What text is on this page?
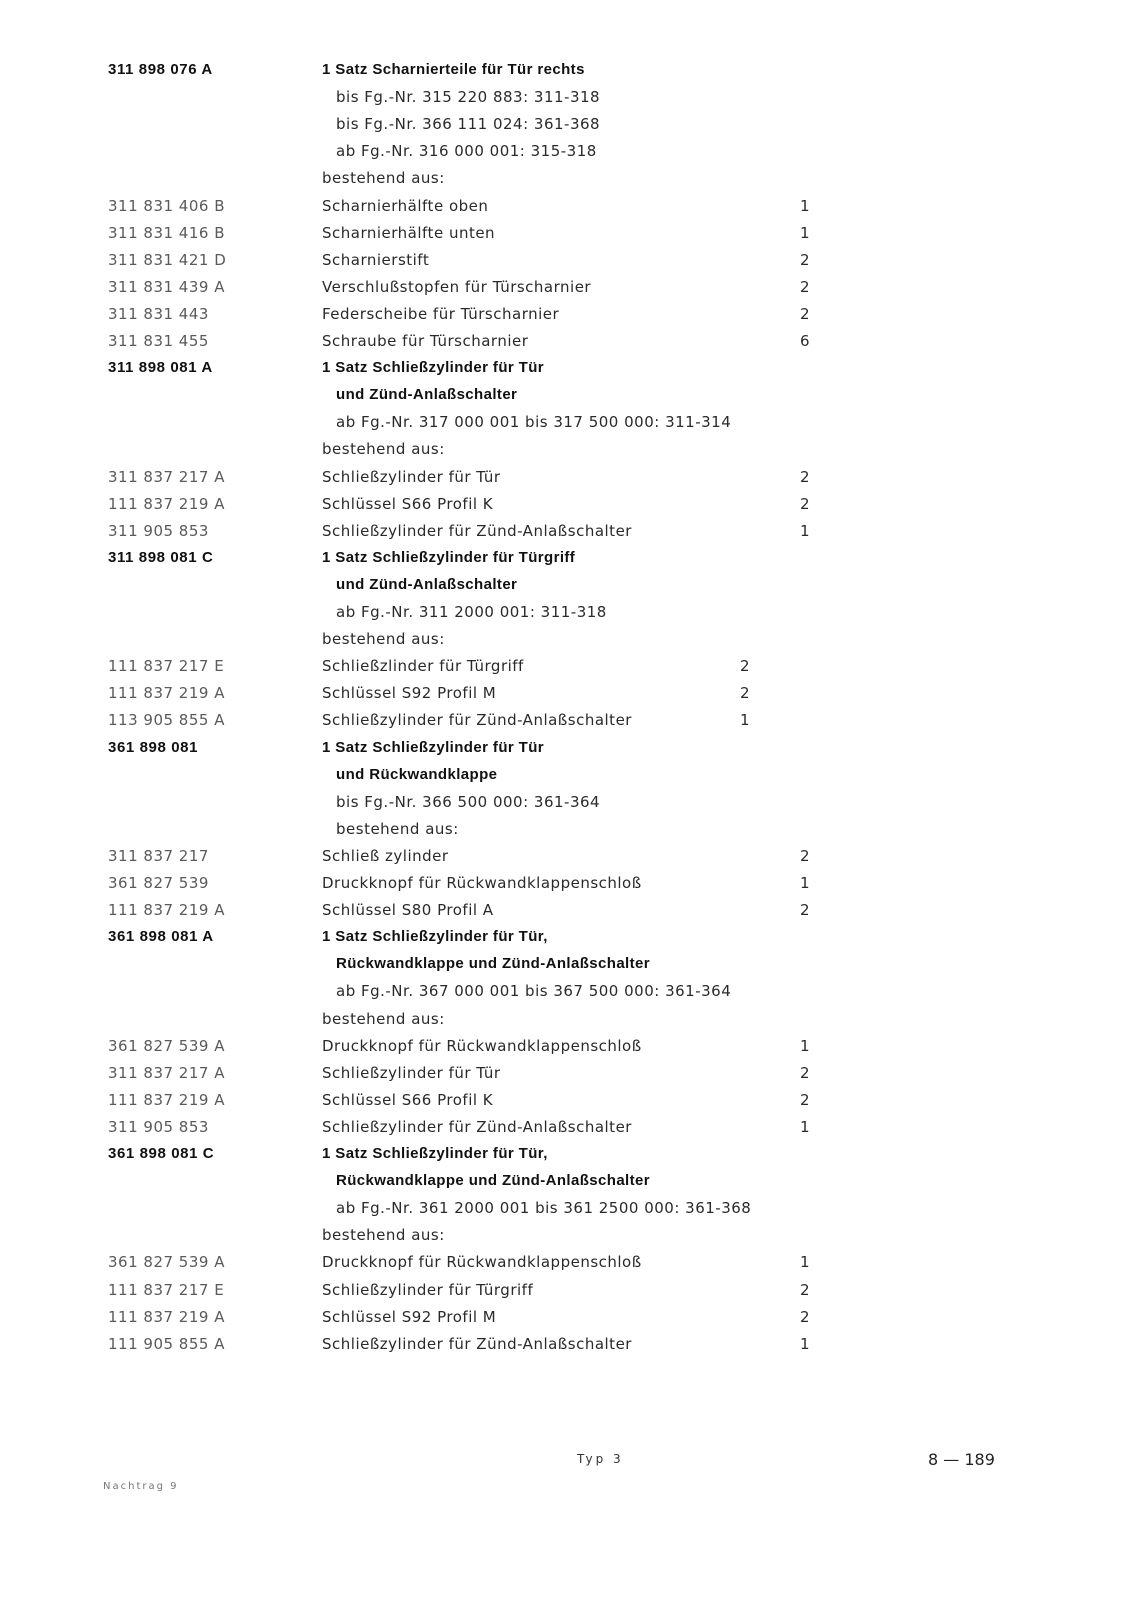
311 898 076 A	1 Satz Scharnierteile für Tür rechts
bis Fg.-Nr. 315 220 883: 311-318
bis Fg.-Nr. 366 111 024: 361-368
ab Fg.-Nr. 316 000 001: 315-318
bestehend aus:
311 831 406 B	Scharnierhälfte oben	1
311 831 416 B	Scharnierhälfte unten	1
311 831 421 D	Scharnierstift	2
311 831 439 A	Verschlußstopfen für Türscharnier	2
311 831 443	Federscheibe für Türscharnier	2
311 831 455	Schraube für Türscharnier	6
311 898 081 A	1 Satz Schließzylinder für Tür
und Zünd-Anlaßschalter
ab Fg.-Nr. 317 000 001 bis 317 500 000: 311-314
bestehend aus:
311 837 217 A	Schließzylinder für Tür	2
111 837 219 A	Schlüssel S66 Profil K	2
311 905 853	Schließzylinder für Zünd-Anlaßschalter	1
311 898 081 C	1 Satz Schließzylinder für Türgriff
und Zünd-Anlaßschalter
ab Fg.-Nr. 311 2000 001: 311-318
bestehend aus:
111 837 217 E	Schließzlinder für Türgriff	2
111 837 219 A	Schlüssel S92 Profil M	2
113 905 855 A	Schließzylinder für Zünd-Anlaßschalter	1
361 898 081	1 Satz Schließzylinder für Tür
und Rückwandklappe
bis Fg.-Nr. 366 500 000: 361-364
bestehend aus:
311 837 217	Schließ zylinder	2
361 827 539	Druckknopf für Rückwandklappenschloß	1
111 837 219 A	Schlüssel S80 Profil A	2
361 898 081 A	1 Satz Schließzylinder für Tür,
Rückwandklappe und Zünd-Anlaßschalter
ab Fg.-Nr. 367 000 001 bis 367 500 000: 361-364
bestehend aus:
361 827 539 A	Druckknopf für Rückwandklappenschloß	1
311 837 217 A	Schließzylinder für Tür	2
111 837 219 A	Schlüssel S66 Profil K	2
311 905 853	Schließzylinder für Zünd-Anlaßschalter	1
361 898 081 C	1 Satz Schließzylinder für Tür,
Rückwandklappe und Zünd-Anlaßschalter
ab Fg.-Nr. 361 2000 001 bis 361 2500 000: 361-368
bestehend aus:
361 827 539 A	Druckknopf für Rückwandklappenschloß	1
111 837 217 E	Schließzylinder für Türgriff	2
111 837 219 A	Schlüssel S92 Profil M	2
111 905 855 A	Schließzylinder für Zünd-Anlaßschalter	1
Typ 3	8 — 189
Nachtrag 9
